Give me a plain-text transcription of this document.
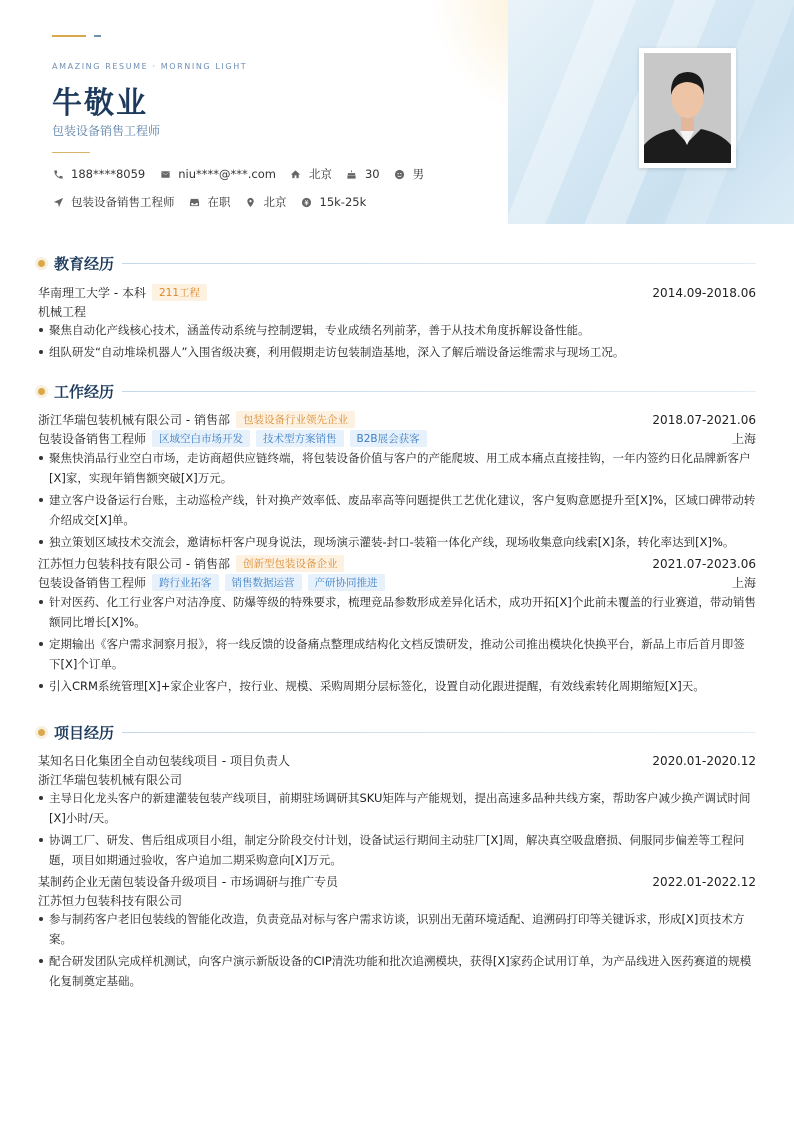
AMAZING RESUME · MORNING LIGHT
牛敬业
包装设备销售工程师
188****8059	niu****@***.com	北京	30	男
包装设备销售工程师	在职	北京	15k-25k
教育经历
华南理工大学 - 本科	211工程	2014.09-2018.06
机械工程
聚焦自动化产线核心技术，涵盖传动系统与控制逻辑，专业成绩名列前茅，善于从技术角度拆解设备性能。
组队研发“自动堆垛机器人”入围省级决赛，利用假期走访包装制造基地，深入了解后端设备运维需求与现场工况。
工作经历
浙江华瑞包装机械有限公司 - 销售部	包装设备行业领先企业	2018.07-2021.06
包装设备销售工程师	区域空白市场开发	技术型方案销售	B2B展会获客	上海
聚焦快消品行业空白市场，走访商超供应链终端，将包装设备价值与客户的产能爬坡、用工成本痛点直接挂钩，一年内签约日化品牌新客户[X]家，实现年销售额突破[X]万元。
建立客户设备运行台账，主动巡检产线，针对换产效率低、废品率高等问题提供工艺优化建议，客户复购意愿提升至[X]%，区域口碑带动转介绍成交[X]单。
独立策划区域技术交流会，邀请标杆客户现身说法，现场演示灌装-封口-装箱一体化产线，现场收集意向线索[X]条，转化率达到[X]%。
江苏恒力包装科技有限公司 - 销售部	创新型包装设备企业	2021.07-2023.06
包装设备销售工程师	跨行业拓客	销售数据运营	产研协同推进	上海
针对医药、化工行业客户对洁净度、防爆等级的特殊要求，梳理竞品参数形成差异化话术，成功开拓[X]个此前未覆盖的行业赛道，带动销售额同比增长[X]%。
定期输出《客户需求洞察月报》，将一线反馈的设备痛点整理成结构化文档反馈研发，推动公司推出模块化快换平台，新品上市后首月即签下[X]个订单。
引入CRM系统管理[X]+家企业客户，按行业、规模、采购周期分层标签化，设置自动化跟进提醒，有效线索转化周期缩短[X]天。
项目经历
某知名日化集团全自动包装线项目 - 项目负责人	2020.01-2020.12
浙江华瑞包装机械有限公司
主导日化龙头客户的新建灌装包装产线项目，前期驻场调研其SKU矩阵与产能规划，提出高速多品种共线方案，帮助客户减少换产调试时间[X]小时/天。
协调工厂、研发、售后组成项目小组，制定分阶段交付计划，设备试运行期间主动驻厂[X]周，解决真空吸盘磨损、伺服同步偏差等工程问题，项目如期通过验收，客户追加二期采购意向[X]万元。
某制药企业无菌包装设备升级项目 - 市场调研与推广专员	2022.01-2022.12
江苏恒力包装科技有限公司
参与制药客户老旧包装线的智能化改造，负责竞品对标与客户需求访谈，识别出无菌环境适配、追溯码打印等关键诉求，形成[X]页技术方案。
配合研发团队完成样机测试，向客户演示新版设备的CIP清洗功能和批次追溯模块，获得[X]家药企试用订单，为产品线进入医药赛道的规模化复制奠定基础。
